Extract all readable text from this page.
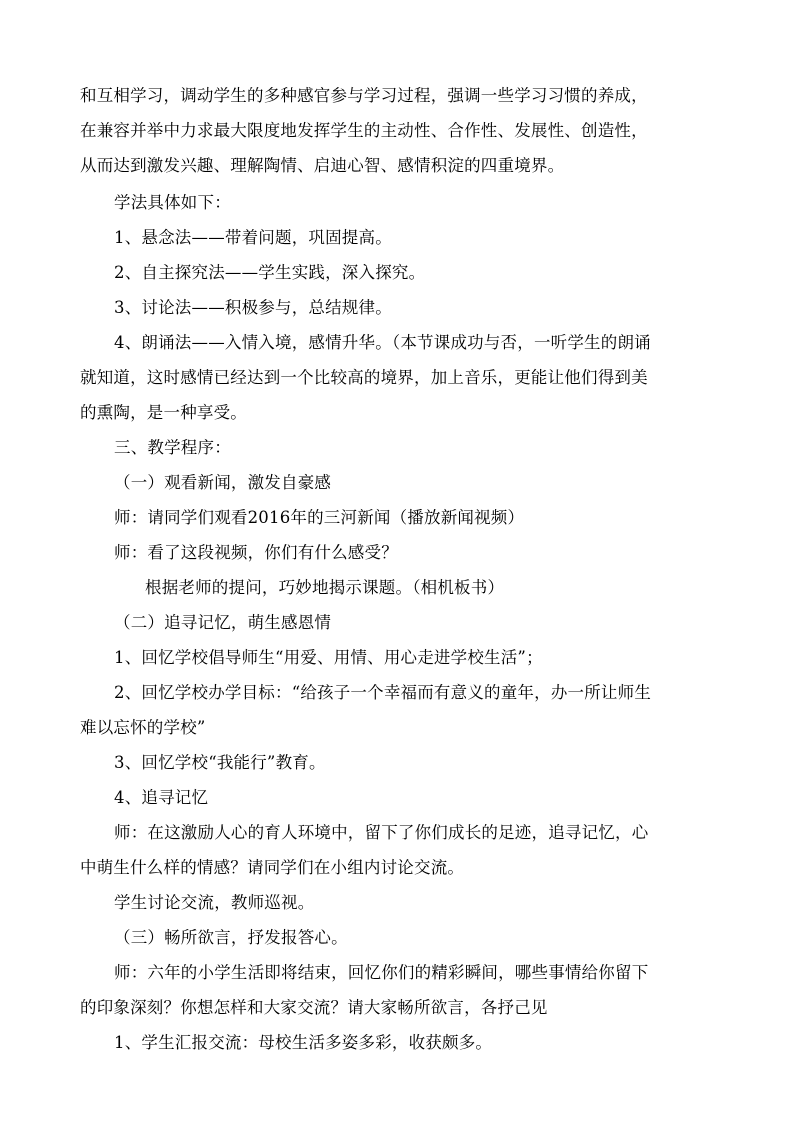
和互相学习，调动学生的多种感官参与学习过程，强调一些学习习惯的养成，
在兼容并举中力求最大限度地发挥学生的主动性、合作性、发展性、创造性，
从而达到激发兴趣、理解陶情、启迪心智、感情积淀的四重境界。
学法具体如下：
1、悬念法——带着问题，巩固提高。
2、自主探究法——学生实践，深入探究。
3、讨论法——积极参与，总结规律。
4、朗诵法——入情入境，感情升华。（本节课成功与否，一听学生的朗诵
就知道，这时感情已经达到一个比较高的境界，加上音乐，更能让他们得到美
的熏陶，是一种享受。
三、教学程序：
（一）观看新闻，激发自豪感
师：请同学们观看2016年的三河新闻（播放新闻视频）
师：看了这段视频，你们有什么感受？
根据老师的提问，巧妙地揭示课题。（相机板书）
（二）追寻记忆，萌生感恩情
1、回忆学校倡导师生“用爱、用情、用心走进学校生活”；
2、回忆学校办学目标：“给孩子一个幸福而有意义的童年，办一所让师生
难以忘怀的学校”
3、回忆学校“我能行”教育。
4、追寻记忆
师：在这激励人心的育人环境中，留下了你们成长的足迹，追寻记忆，心
中萌生什么样的情感？请同学们在小组内讨论交流。
学生讨论交流，教师巡视。
（三）畅所欲言，抒发报答心。
师：六年的小学生活即将结束，回忆你们的精彩瞬间，哪些事情给你留下
的印象深刻？你想怎样和大家交流？请大家畅所欲言，各抒己见
1、学生汇报交流：母校生活多姿多彩，收获颇多。
